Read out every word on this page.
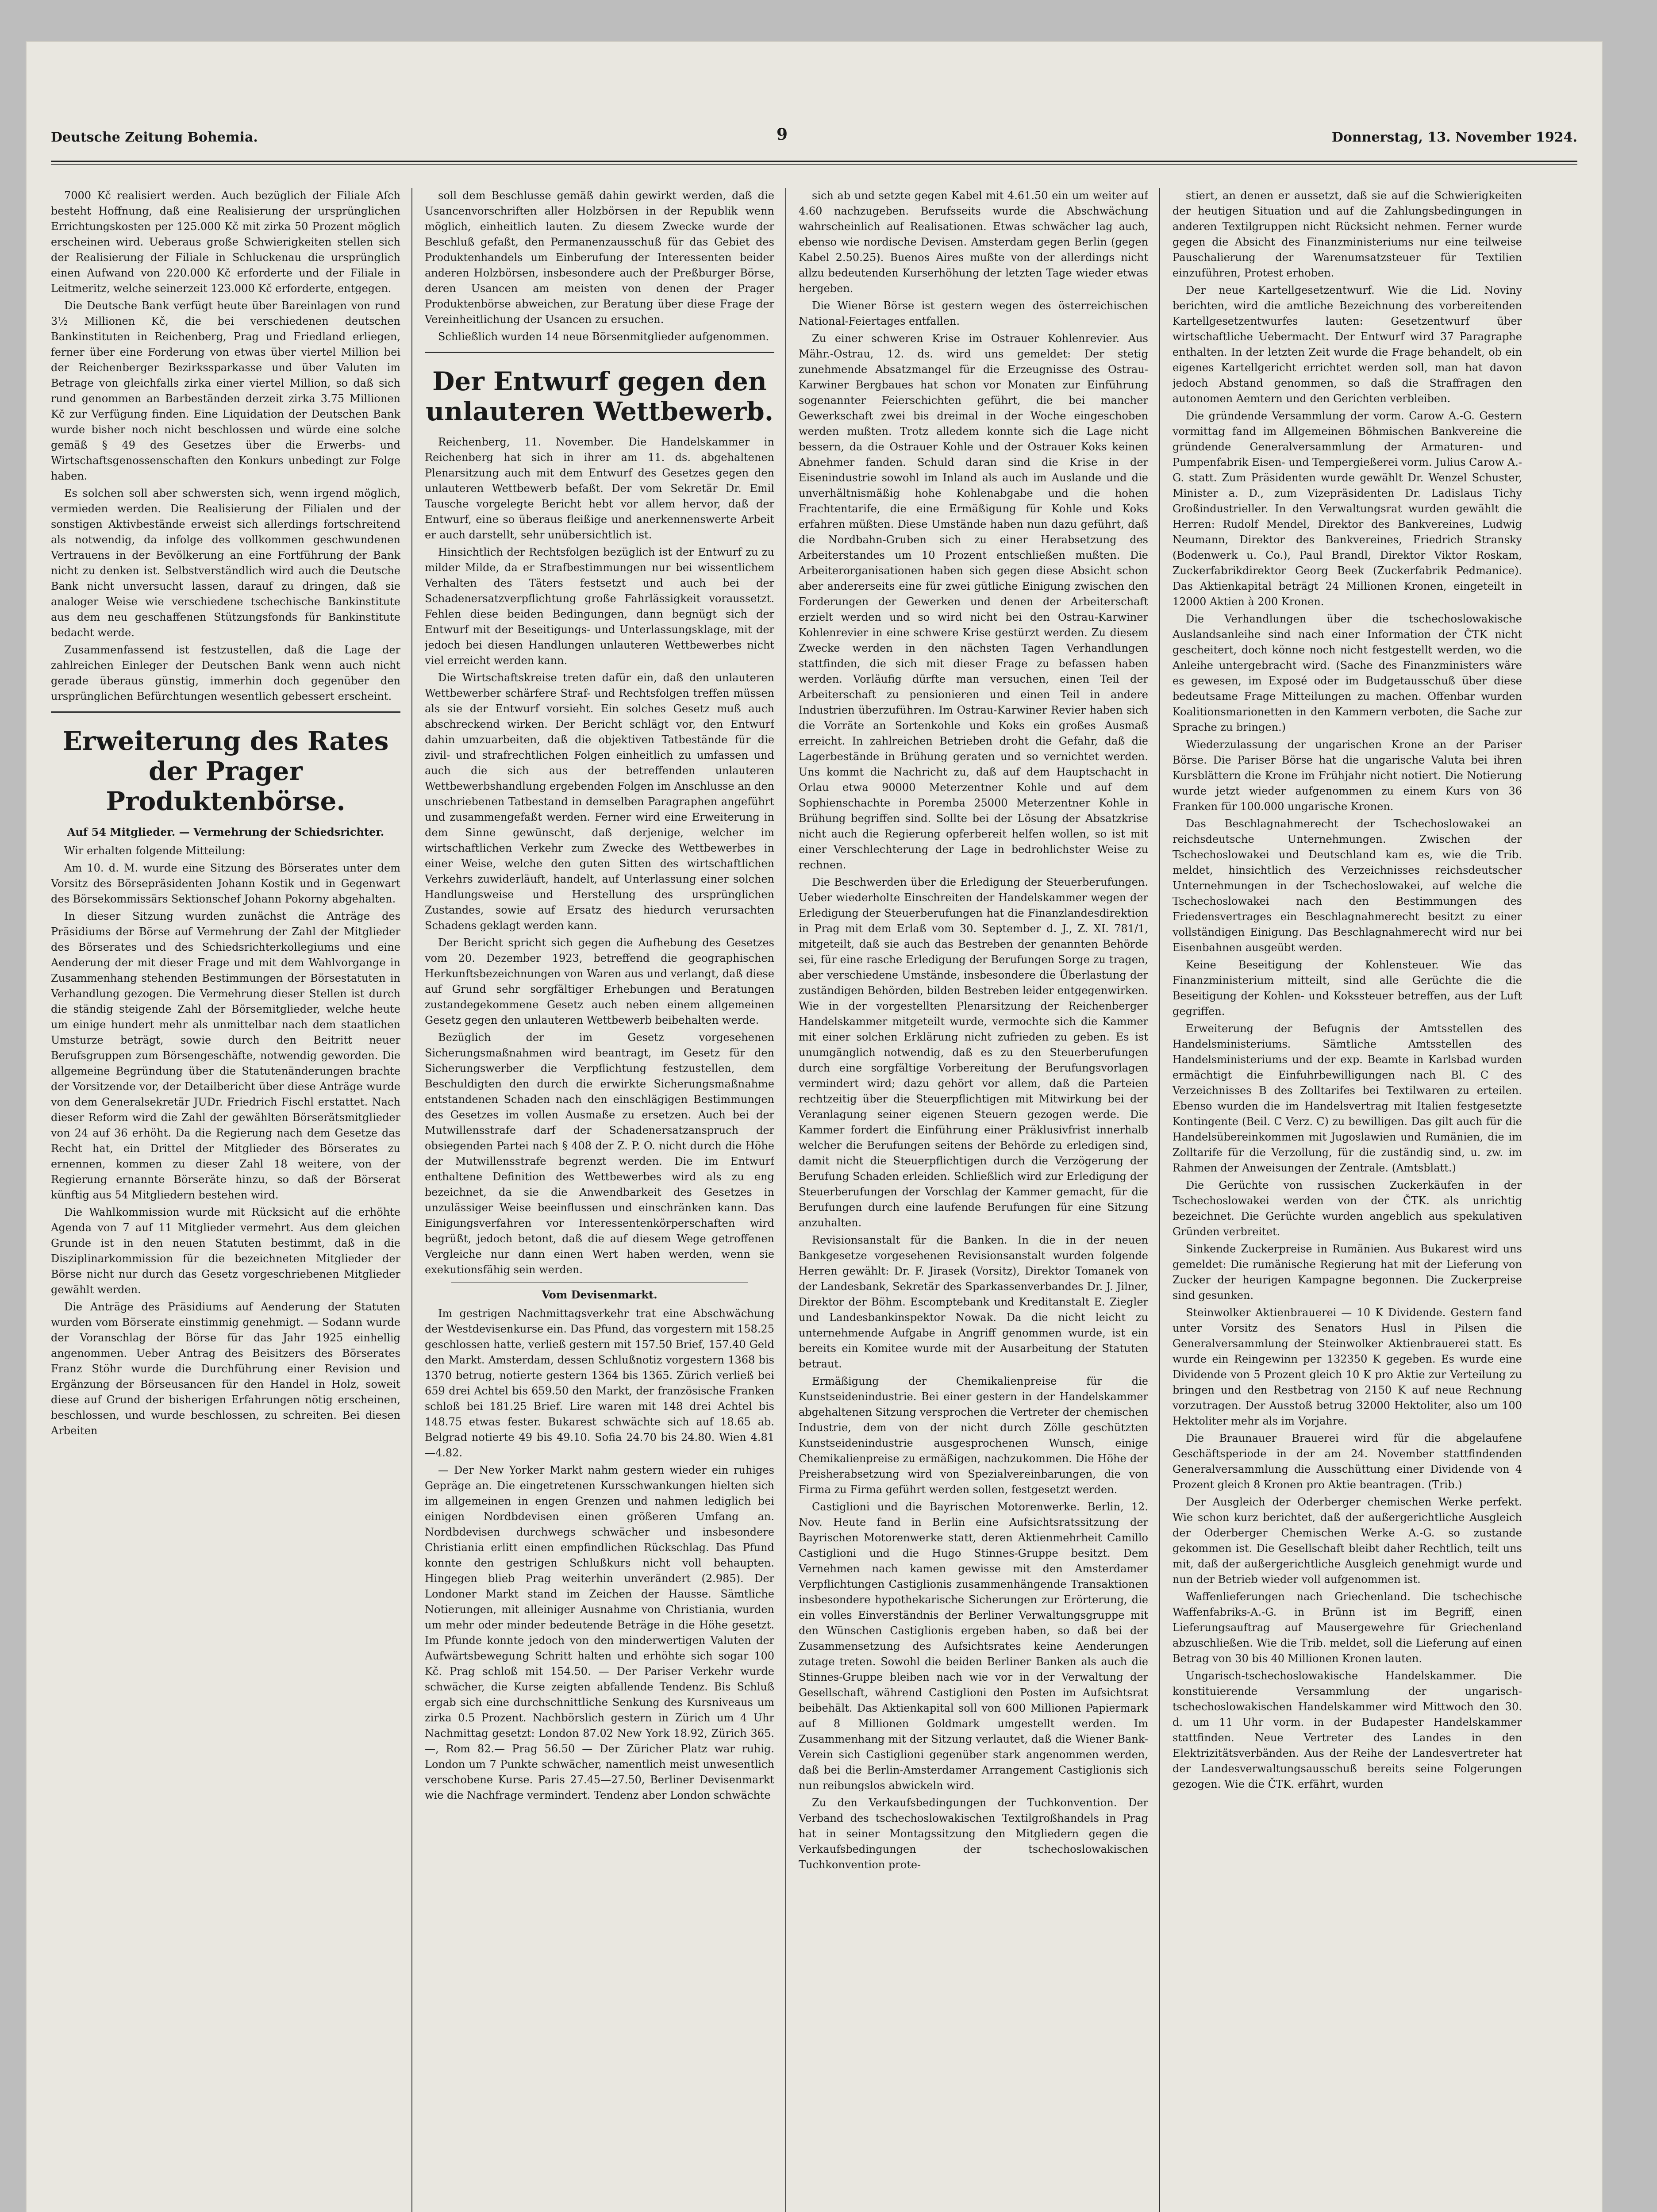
Deutsche Zeitung Bohemia.	9	Donnerstag, 13. November 1924.

7000 Kč realisiert werden. Auch bezüglich der Filiale Aſch besteht Hoffnung, daß eine Realisierung der ursprünglichen Errichtungskosten per 125.000 Kč mit zirka 50 Prozent möglich erscheinen wird. Ueberaus große Schwierigkeiten stellen sich der Realisierung der Filiale in Schluckenau die ursprünglich einen Aufwand von 220.000 Kč erforderte und der Filiale in Leitmeritz, welche seinerzeit 123.000 Kč erforderte, entgegen.

Die Deutsche Bank verfügt heute über Bareinlagen von rund 3½ Millionen Kč, die bei verschiedenen deutschen Bankinstituten in Reichenberg, Prag und Friedland erliegen, ferner über eine Forderung von etwas über viertel Million bei der Reichenberger Bezirkssparkasse und über Valuten im Betrage von gleichfalls zirka einer viertel Million, so daß sich rund genommen an Barbeständen derzeit zirka 3.75 Millionen Kč zur Verfügung finden. Eine Liquidation der Deutschen Bank wurde bisher noch nicht beschlossen und würde eine solche gemäß § 49 des Gesetzes über die Erwerbs- und Wirtschaftsgenossenschaften den Konkurs unbedingt zur Folge haben.

Es solchen soll aber schwersten sich, wenn irgend möglich, vermieden werden. Die Realisierung der Filialen und der sonstigen Aktivbestände erweist sich allerdings fortschreitend als notwendig, da infolge des vollkommen geschwundenen Vertrauens in der Bevölkerung an eine Fortführung der Bank nicht zu denken ist. Selbstverständlich wird auch die Deutsche Bank nicht unversucht lassen, darauf zu dringen, daß sie analoger Weise wie verschiedene tschechische Bankinstitute aus dem neu geschaffenen Stützungsfonds für Bankinstitute bedacht werde.

Zusammenfassend ist festzustellen, daß die Lage der zahlreichen Einleger der Deutschen Bank wenn auch nicht gerade überaus günstig, immerhin doch gegenüber den ursprünglichen Befürchtungen wesentlich gebessert erscheint.

Erweiterung des Rates der Prager Produktenbörse.
Auf 54 Mitglieder. — Vermehrung der Schiedsrichter.

Wir erhalten folgende Mitteilung:

Am 10. d. M. wurde eine Sitzung des Börserates unter dem Vorsitz des Börsepräsidenten Johann Kostik und in Gegenwart des Börsekommissärs Sektionschef Johann Pokorny abgehalten.

In dieser Sitzung wurden zunächst die Anträge des Präsidiums der Börse auf Vermehrung der Zahl der Mitglieder des Börserates und des Schiedsrichterkollegiums und eine Aenderung der mit dieser Frage und mit dem Wahlvorgange in Zusammenhang stehenden Bestimmungen der Börsestatuten in Verhandlung gezogen. Die Vermehrung dieser Stellen ist durch die ständig steigende Zahl der Börsemitglieder, welche heute um einige hundert mehr als unmittelbar nach dem staatlichen Umsturze beträgt, sowie durch den Beitritt neuer Berufsgruppen zum Börsengeschäfte, notwendig geworden. Die allgemeine Begründung über die Statutenänderungen brachte der Vorsitzende vor, der Detailbericht über diese Anträge wurde von dem Generalsekretär JUDr. Friedrich Fischl erstattet. Nach dieser Reform wird die Zahl der gewählten Börserätsmitglieder von 24 auf 36 erhöht. Da die Regierung nach dem Gesetze das Recht hat, ein Drittel der Mitglieder des Börserates zu ernennen, kommen zu dieser Zahl 18 weitere, von der Regierung ernannte Börseräte hinzu, so daß der Börserat künftig aus 54 Mitgliedern bestehen wird.

Die Wahlkommission wurde mit Rücksicht auf die erhöhte Agenda von 7 auf 11 Mitglieder vermehrt. Aus dem gleichen Grunde ist in den neuen Statuten bestimmt, daß in die Disziplinarkommission für die bezeichneten Mitglieder der Börse nicht nur durch das Gesetz vorgeschriebenen Mitglieder gewählt werden.

Die Anträge des Präsidiums auf Aenderung der Statuten wurden vom Börserate einstimmig genehmigt. — Sodann wurde der Voranschlag der Börse für das Jahr 1925 einhellig angenommen. Ueber Antrag des Beisitzers des Börserates Franz Stöhr wurde die Durchführung einer Revision und Ergänzung der Börseusancen für den Handel in Holz, soweit diese auf Grund der bisherigen Erfahrungen nötig erscheinen, beschlossen, und wurde beschlossen, zu schreiten. Bei diesen Arbeiten

soll dem Beschlusse gemäß dahin gewirkt werden, daß die Usancenvorschriften aller Holzbörsen in der Republik wenn möglich, einheitlich lauten. Zu diesem Zwecke wurde der Beschluß gefaßt, den Permanenzausschuß für das Gebiet des Produktenhandels um Einberufung der Interessenten beider anderen Holzbörsen, insbesondere auch der Preßburger Börse, deren Usancen am meisten von denen der Prager Produktenbörse abweichen, zur Beratung über diese Frage der Vereinheitlichung der Usancen zu ersuchen.

Schließlich wurden 14 neue Börsenmitglieder aufgenommen.

Der Entwurf gegen den unlauteren Wettbewerb.

Reichenberg, 11. November. Die Handelskammer in Reichenberg hat sich in ihrer am 11. ds. abgehaltenen Plenarsitzung auch mit dem Entwurf des Gesetzes gegen den unlauteren Wettbewerb befaßt. Der vom Sekretär Dr. Emil Tausche vorgelegte Bericht hebt vor allem hervor, daß der Entwurf, eine so überaus fleißige und anerkennenswerte Arbeit er auch darstellt, sehr unübersichtlich ist.

Hinsichtlich der Rechtsfolgen bezüglich ist der Entwurf zu zu milder Milde, da er Strafbestimmungen nur bei wissentlichem Verhalten des Täters festsetzt und auch bei der Schadenersatzverpflichtung große Fahrlässigkeit voraussetzt. Fehlen diese beiden Bedingungen, dann begnügt sich der Entwurf mit der Beseitigungs- und Unterlassungsklage, mit der jedoch bei diesen Handlungen unlauteren Wettbewerbes nicht viel erreicht werden kann.

Die Wirtschaftskreise treten dafür ein, daß den unlauteren Wettbewerber schärfere Straf- und Rechtsfolgen treffen müssen als sie der Entwurf vorsieht. Ein solches Gesetz muß auch abschreckend wirken. Der Bericht schlägt vor, den Entwurf dahin umzuarbeiten, daß die objektiven Tatbestände für die zivil- und strafrechtlichen Folgen einheitlich zu umfassen und auch die sich aus der betreffenden unlauteren Wettbewerbshandlung ergebenden Folgen im Anschlusse an den unschriebenen Tatbestand in demselben Paragraphen angeführt und zusammengefaßt werden. Ferner wird eine Erweiterung in dem Sinne gewünscht, daß derjenige, welcher im wirtschaftlichen Verkehr zum Zwecke des Wettbewerbes in einer Weise, welche den guten Sitten des wirtschaftlichen Verkehrs zuwiderläuft, handelt, auf Unterlassung einer solchen Handlungsweise und Herstellung des ursprünglichen Zustandes, sowie auf Ersatz des hiedurch verursachten Schadens geklagt werden kann.

Der Bericht spricht sich gegen die Aufhebung des Gesetzes vom 20. Dezember 1923, betreffend die geographischen Herkunftsbezeichnungen von Waren aus und verlangt, daß diese auf Grund sehr sorgfältiger Erhebungen und Beratungen zustandegekommene Gesetz auch neben einem allgemeinen Gesetz gegen den unlauteren Wettbewerb beibehalten werde.

Bezüglich der im Gesetz vorgesehenen Sicherungsmaßnahmen wird beantragt, im Gesetz für den Sicherungswerber die Verpflichtung festzustellen, dem Beschuldigten den durch die erwirkte Sicherungsmaßnahme entstandenen Schaden nach den einschlägigen Bestimmungen des Gesetzes im vollen Ausmaße zu ersetzen. Auch bei der Mutwillensstrafe darf der Schadenersatzanspruch der obsiegenden Partei nach § 408 der Z. P. O. nicht durch die Höhe der Mutwillensstrafe begrenzt werden. Die im Entwurf enthaltene Definition des Wettbewerbes wird als zu eng bezeichnet, da sie die Anwendbarkeit des Gesetzes in unzulässiger Weise beeinflussen und einschränken kann. Das Einigungsverfahren vor Interessentenkörperschaften wird begrüßt, jedoch betont, daß die auf diesem Wege getroffenen Vergleiche nur dann einen Wert haben werden, wenn sie exekutionsfähig sein werden.

Vom Devisenmarkt.

Im gestrigen Nachmittagsverkehr trat eine Abschwächung der Westdevisenkurse ein. Das Pfund, das vorgestern mit 158.25 geschlossen hatte, verließ gestern mit 157.50 Brief, 157.40 Geld den Markt. Amsterdam, dessen Schlußnotiz vorgestern 1368 bis 1370 betrug, notierte gestern 1364 bis 1365. Zürich verließ bei 659 drei Achtel bis 659.50 den Markt, der französische Franken schloß bei 181.25 Brief. Lire waren mit 148 drei Achtel bis 148.75 etwas fester. Bukarest schwächte sich auf 18.65 ab. Belgrad notierte 49 bis 49.10. Sofia 24.70 bis 24.80. Wien 4.81—4.82.

— Der New Yorker Markt nahm gestern wieder ein ruhiges Gepräge an. Die eingetretenen Kursschwankungen hielten sich im allgemeinen in engen Grenzen und nahmen lediglich bei einigen Nordbdevisen einen größeren Umfang an. Nordbdevisen durchwegs schwächer und insbesondere Christiania erlitt einen empfindlichen Rückschlag. Das Pfund konnte den gestrigen Schlußkurs nicht voll behaupten. Hingegen blieb Prag weiterhin unverändert (2.985). Der Londoner Markt stand im Zeichen der Hausse. Sämtliche Notierungen, mit alleiniger Ausnahme von Christiania, wurden um mehr oder minder bedeutende Beträge in die Höhe gesetzt. Im Pfunde konnte jedoch von den minderwertigen Valuten der Aufwärtsbewegung Schritt halten und erhöhte sich sogar 100 Kč. Prag schloß mit 154.50. — Der Pariser Verkehr wurde schwächer, die Kurse zeigten abfallende Tendenz. Bis Schluß ergab sich eine durchschnittliche Senkung des Kursniveaus um zirka 0.5 Prozent. Nachbörslich gestern in Zürich um 4 Uhr Nachmittag gesetzt: London 87.02 New York 18.92, Zürich 365.—, Rom 82.— Prag 56.50 — Der Züricher Platz war ruhig. London um 7 Punkte schwächer, namentlich meist unwesentlich verschobene Kurse. Paris 27.45—27.50, Berliner Devisenmarkt wie die Nachfrage vermindert. Tendenz aber London schwächte

sich ab und setzte gegen Kabel mit 4.61.50 ein um weiter auf 4.60 nachzugeben. Berufsseits wurde die Abschwächung wahrscheinlich auf Realisationen. Etwas schwächer lag auch, ebenso wie nordische Devisen. Amsterdam gegen Berlin (gegen Kabel 2.50.25). Buenos Aires mußte von der allerdings nicht allzu bedeutenden Kurserhöhung der letzten Tage wieder etwas hergeben.

Die Wiener Börse ist gestern wegen des österreichischen National-Feiertages entfallen.

Zu einer schweren Krise im Ostrauer Kohlenrevier. Aus Mähr.-Ostrau, 12. ds. wird uns gemeldet: Der stetig zunehmende Absatzmangel für die Erzeugnisse des Ostrau-Karwiner Bergbaues hat schon vor Monaten zur Einführung sogenannter Feierschichten geführt, die bei mancher Gewerkschaft zwei bis dreimal in der Woche eingeschoben werden mußten. Trotz alledem konnte sich die Lage nicht bessern, da die Ostrauer Kohle und der Ostrauer Koks keinen Abnehmer fanden. Schuld daran sind die Krise in der Eisenindustrie sowohl im Inland als auch im Auslande und die unverhältnismäßig hohe Kohlenabgabe und die hohen Frachtentarife, die eine Ermäßigung für Kohle und Koks erfahren müßten. Diese Umstände haben nun dazu geführt, daß die Nordbahn-Gruben sich zu einer Herabsetzung des Arbeiterstandes um 10 Prozent entschließen mußten. Die Arbeiterorganisationen haben sich gegen diese Absicht schon aber andererseits eine für zwei gütliche Einigung zwischen den Forderungen der Gewerken und denen der Arbeiterschaft erzielt werden und so wird nicht bei den Ostrau-Karwiner Kohlenrevier in eine schwere Krise gestürzt werden. Zu diesem Zwecke werden in den nächsten Tagen Verhandlungen stattfinden, die sich mit dieser Frage zu befassen haben werden. Vorläufig dürfte man versuchen, einen Teil der Arbeiterschaft zu pensionieren und einen Teil in andere Industrien überzuführen. Im Ostrau-Karwiner Revier haben sich die Vorräte an Sortenkohle und Koks ein großes Ausmaß erreicht. In zahlreichen Betrieben droht die Gefahr, daß die Lagerbestände in Brühung geraten und so vernichtet werden. Uns kommt die Nachricht zu, daß auf dem Hauptschacht in Orlau etwa 90000 Meterzentner Kohle und auf dem Sophienschachte in Poremba 25000 Meterzentner Kohle in Brühung begriffen sind. Sollte bei der Lösung der Absatzkrise nicht auch die Regierung opferbereit helfen wollen, so ist mit einer Verschlechterung der Lage in bedrohlichster Weise zu rechnen.

Die Beschwerden über die Erledigung der Steuerberufungen. Ueber wiederholte Einschreiten der Handelskammer wegen der Erledigung der Steuerberufungen hat die Finanzlandesdirektion in Prag mit dem Erlaß vom 30. September d. J., Z. XI. 781/1, mitgeteilt, daß sie auch das Bestreben der genannten Behörde sei, für eine rasche Erledigung der Berufungen Sorge zu tragen, aber verschiedene Umstände, insbesondere die Überlastung der zuständigen Behörden, bilden Bestreben leider entgegenwirken. Wie in der vorgestellten Plenarsitzung der Reichenberger Handelskammer mitgeteilt wurde, vermochte sich die Kammer mit einer solchen Erklärung nicht zufrieden zu geben. Es ist unumgänglich notwendig, daß es zu den Steuerberufungen durch eine sorgfältige Vorbereitung der Berufungsvorlagen vermindert wird; dazu gehört vor allem, daß die Parteien rechtzeitig über die Steuerpflichtigen mit Mitwirkung bei der Veranlagung seiner eigenen Steuern gezogen werde. Die Kammer fordert die Einführung einer Präklusivfrist innerhalb welcher die Berufungen seitens der Behörde zu erledigen sind, damit nicht die Steuerpflichtigen durch die Verzögerung der Berufung Schaden erleiden. Schließlich wird zur Erledigung der Steuerberufungen der Vorschlag der Kammer gemacht, für die Berufungen durch eine laufende Berufungen für eine Sitzung anzuhalten.

Revisionsanstalt für die Banken. In die in der neuen Bankgesetze vorgesehenen Revisionsanstalt wurden folgende Herren gewählt: Dr. F. Jirasek (Vorsitz), Direktor Tomanek von der Landesbank, Sekretär des Sparkassenverbandes Dr. J. Jilner, Direktor der Böhm. Escomptebank und Kreditanstalt E. Ziegler und Landesbankinspektor Nowak. Da die nicht leicht zu unternehmende Aufgabe in Angriff genommen wurde, ist ein bereits ein Komitee wurde mit der Ausarbeitung der Statuten betraut.

Ermäßigung der Chemikalienpreise für die Kunstseidenindustrie. Bei einer gestern in der Handelskammer abgehaltenen Sitzung versprochen die Vertreter der chemischen Industrie, dem von der nicht durch Zölle geschützten Kunstseidenindustrie ausgesprochenen Wunsch, einige Chemikalienpreise zu ermäßigen, nachzukommen. Die Höhe der Preisherabsetzung wird von Spezialvereinbarungen, die von Firma zu Firma geführt werden sollen, festgesetzt werden.

Castiglioni und die Bayrischen Motorenwerke. Berlin, 12. Nov. Heute fand in Berlin eine Aufsichtsratssitzung der Bayrischen Motorenwerke statt, deren Aktienmehrheit Camillo Castiglioni und die Hugo Stinnes-Gruppe besitzt. Dem Vernehmen nach kamen gewisse mit den Amsterdamer Verpflichtungen Castiglionis zusammenhängende Transaktionen insbesondere hypothekarische Sicherungen zur Erörterung, die ein volles Einverständnis der Berliner Verwaltungsgruppe mit den Wünschen Castiglionis ergeben haben, so daß bei der Zusammensetzung des Aufsichtsrates keine Aenderungen zutage treten. Sowohl die beiden Berliner Banken als auch die Stinnes-Gruppe bleiben nach wie vor in der Verwaltung der Gesellschaft, während Castiglioni den Posten im Aufsichtsrat beibehält. Das Aktienkapital soll von 600 Millionen Papiermark auf 8 Millionen Goldmark umgestellt werden. Im Zusammenhang mit der Sitzung verlautet, daß die Wiener Bank-Verein sich Castiglioni gegenüber stark angenommen werden, daß bei die Berlin-Amsterdamer Arrangement Castiglionis sich nun reibungslos abwickeln wird.

Zu den Verkaufsbedingungen der Tuchkonvention. Der Verband des tschechoslowakischen Textilgroßhandels in Prag hat in seiner Montagssitzung den Mitgliedern gegen die Verkaufsbedingungen der tschechoslowakischen Tuchkonvention prote-

stiert, an denen er aussetzt, daß sie auf die Schwierigkeiten der heutigen Situation und auf die Zahlungsbedingungen in anderen Textilgruppen nicht Rücksicht nehmen. Ferner wurde gegen die Absicht des Finanzministeriums nur eine teilweise Pauschalierung der Warenumsatzsteuer für Textilien einzuführen, Protest erhoben.

Der neue Kartellgesetzentwurf. Wie die Lid. Noviny berichten, wird die amtliche Bezeichnung des vorbereitenden Kartellgesetzentwurfes lauten: Gesetzentwurf über wirtschaftliche Uebermacht. Der Entwurf wird 37 Paragraphe enthalten. In der letzten Zeit wurde die Frage behandelt, ob ein eigenes Kartellgericht errichtet werden soll, man hat davon jedoch Abstand genommen, so daß die Straffragen den autonomen Aemtern und den Gerichten verbleiben.

Die gründende Versammlung der vorm. Carow A.-G. Gestern vormittag fand im Allgemeinen Böhmischen Bankvereine die gründende Generalversammlung der Armaturen- und Pumpenfabrik Eisen- und Tempergießerei vorm. Julius Carow A.-G. statt. Zum Präsidenten wurde gewählt Dr. Wenzel Schuster, Minister a. D., zum Vizepräsidenten Dr. Ladislaus Tichy Großindustrieller. In den Verwaltungsrat wurden gewählt die Herren: Rudolf Mendel, Direktor des Bankvereines, Ludwig Neumann, Direktor des Bankvereines, Friedrich Stransky (Bodenwerk u. Co.), Paul Brandl, Direktor Viktor Roskam, Zuckerfabrikdirektor Georg Beek (Zuckerfabrik Pedmanice). Das Aktienkapital beträgt 24 Millionen Kronen, eingeteilt in 12000 Aktien à 200 Kronen.

Die Verhandlungen über die tschechoslowakische Auslandsanleihe sind nach einer Information der ČTK nicht gescheitert, doch könne noch nicht festgestellt werden, wo die Anleihe untergebracht wird. (Sache des Finanzministers wäre es gewesen, im Exposé oder im Budgetausschuß über diese bedeutsame Frage Mitteilungen zu machen. Offenbar wurden Koalitionsmarionetten in den Kammern verboten, die Sache zur Sprache zu bringen.)

Wiederzulassung der ungarischen Krone an der Pariser Börse. Die Pariser Börse hat die ungarische Valuta bei ihren Kursblättern die Krone im Frühjahr nicht notiert. Die Notierung wurde jetzt wieder aufgenommen zu einem Kurs von 36 Franken für 100.000 ungarische Kronen.

Das Beschlagnahmerecht der Tschechoslowakei an reichsdeutsche Unternehmungen. Zwischen der Tschechoslowakei und Deutschland kam es, wie die Trib. meldet, hinsichtlich des Verzeichnisses reichsdeutscher Unternehmungen in der Tschechoslowakei, auf welche die Tschechoslowakei nach den Bestimmungen des Friedensvertrages ein Beschlagnahmerecht besitzt zu einer vollständigen Einigung. Das Beschlagnahmerecht wird nur bei Eisenbahnen ausgeübt werden.

Keine Beseitigung der Kohlensteuer. Wie das Finanzministerium mitteilt, sind alle Gerüchte die die Beseitigung der Kohlen- und Kokssteuer betreffen, aus der Luft gegriffen.

Erweiterung der Befugnis der Amtsstellen des Handelsministeriums. Sämtliche Amtsstellen des Handelsministeriums und der exp. Beamte in Karlsbad wurden ermächtigt die Einfuhrbewilligungen nach Bl. C des Verzeichnisses B des Zolltarifes bei Textilwaren zu erteilen. Ebenso wurden die im Handelsvertrag mit Italien festgesetzte Kontingente (Beil. C Verz. C) zu bewilligen. Das gilt auch für die Handelsübereinkommen mit Jugoslawien und Rumänien, die im Zolltarife für die Verzollung, für die zuständig sind, u. zw. im Rahmen der Anweisungen der Zentrale. (Amtsblatt.)

Die Gerüchte von russischen Zuckerkäufen in der Tschechoslowakei werden von der ČTK. als unrichtig bezeichnet. Die Gerüchte wurden angeblich aus spekulativen Gründen verbreitet.

Sinkende Zuckerpreise in Rumänien. Aus Bukarest wird uns gemeldet: Die rumänische Regierung hat mit der Lieferung von Zucker der heurigen Kampagne begonnen. Die Zuckerpreise sind gesunken.

Steinwolker Aktienbrauerei — 10 K Dividende. Gestern fand unter Vorsitz des Senators Husl in Pilsen die Generalversammlung der Steinwolker Aktienbrauerei statt. Es wurde ein Reingewinn per 132350 K gegeben. Es wurde eine Dividende von 5 Prozent gleich 10 K pro Aktie zur Verteilung zu bringen und den Restbetrag von 2150 K auf neue Rechnung vorzutragen. Der Ausstoß betrug 32000 Hektoliter, also um 100 Hektoliter mehr als im Vorjahre.

Die Braunauer Brauerei wird für die abgelaufene Geschäftsperiode in der am 24. November stattfindenden Generalversammlung die Ausschüttung einer Dividende von 4 Prozent gleich 8 Kronen pro Aktie beantragen. (Trib.)

Der Ausgleich der Oderberger chemischen Werke perfekt. Wie schon kurz berichtet, daß der außergerichtliche Ausgleich der Oderberger Chemischen Werke A.-G. so zustande gekommen ist. Die Gesellschaft bleibt daher Rechtlich, teilt uns mit, daß der außergerichtliche Ausgleich genehmigt wurde und nun der Betrieb wieder voll aufgenommen ist.

Waffenlieferungen nach Griechenland. Die tschechische Waffenfabriks-A.-G. in Brünn ist im Begriff, einen Lieferungsauftrag auf Mausergewehre für Griechenland abzuschließen. Wie die Trib. meldet, soll die Lieferung auf einen Betrag von 30 bis 40 Millionen Kronen lauten.

Ungarisch-tschechoslowakische Handelskammer. Die konstituierende Versammlung der ungarisch-tschechoslowakischen Handelskammer wird Mittwoch den 30. d. um 11 Uhr vorm. in der Budapester Handelskammer stattfinden. Neue Vertreter des Landes in den Elektrizitätsverbänden. Aus der Reihe der Landesvertreter hat der Landesverwaltungsausschuß bereits seine Folgerungen gezogen. Wie die ČTK. erfährt, wurden
